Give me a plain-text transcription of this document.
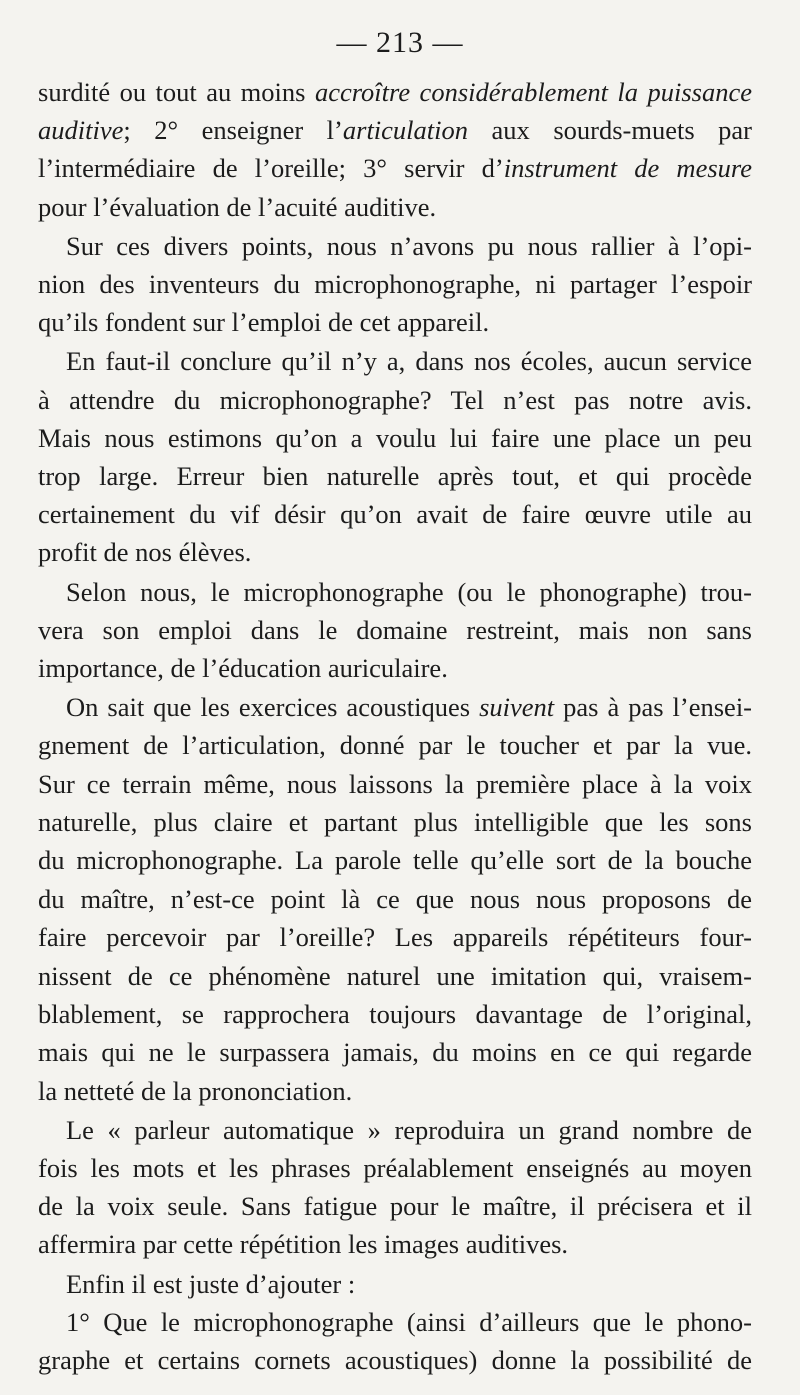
— 213 —
surdité ou tout au moins accroître considérablement la puissance
auditive; 2° enseigner l’articulation aux sourds-muets par
l’intermédiaire de l’oreille; 3° servir d’instrument de mesure
pour l’évaluation de l’acuité auditive.
Sur ces divers points, nous n’avons pu nous rallier à l’opi-
nion des inventeurs du microphonographe, ni partager l’espoir
qu’ils fondent sur l’emploi de cet appareil.
En faut-il conclure qu’il n’y a, dans nos écoles, aucun service
à attendre du microphonographe? Tel n’est pas notre avis.
Mais nous estimons qu’on a voulu lui faire une place un peu
trop large. Erreur bien naturelle après tout, et qui procède
certainement du vif désir qu’on avait de faire œuvre utile au
profit de nos élèves.
Selon nous, le microphonographe (ou le phonographe) trou-
vera son emploi dans le domaine restreint, mais non sans
importance, de l’éducation auriculaire.
On sait que les exercices acoustiques suivent pas à pas l’ensei-
gnement de l’articulation, donné par le toucher et par la vue.
Sur ce terrain même, nous laissons la première place à la voix
naturelle, plus claire et partant plus intelligible que les sons
du microphonographe. La parole telle qu’elle sort de la bouche
du maître, n’est-ce point là ce que nous nous proposons de
faire percevoir par l’oreille? Les appareils répétiteurs four-
nissent de ce phénomène naturel une imitation qui, vraisem-
blablement, se rapprochera toujours davantage de l’original,
mais qui ne le surpassera jamais, du moins en ce qui regarde
la netteté de la prononciation.
Le « parleur automatique » reproduira un grand nombre de
fois les mots et les phrases préalablement enseignés au moyen
de la voix seule. Sans fatigue pour le maître, il précisera et il
affermira par cette répétition les images auditives.
Enfin il est juste d’ajouter :
1° Que le microphonographe (ainsi d’ailleurs que le phono-
graphe et certains cornets acoustiques) donne la possibilité de
